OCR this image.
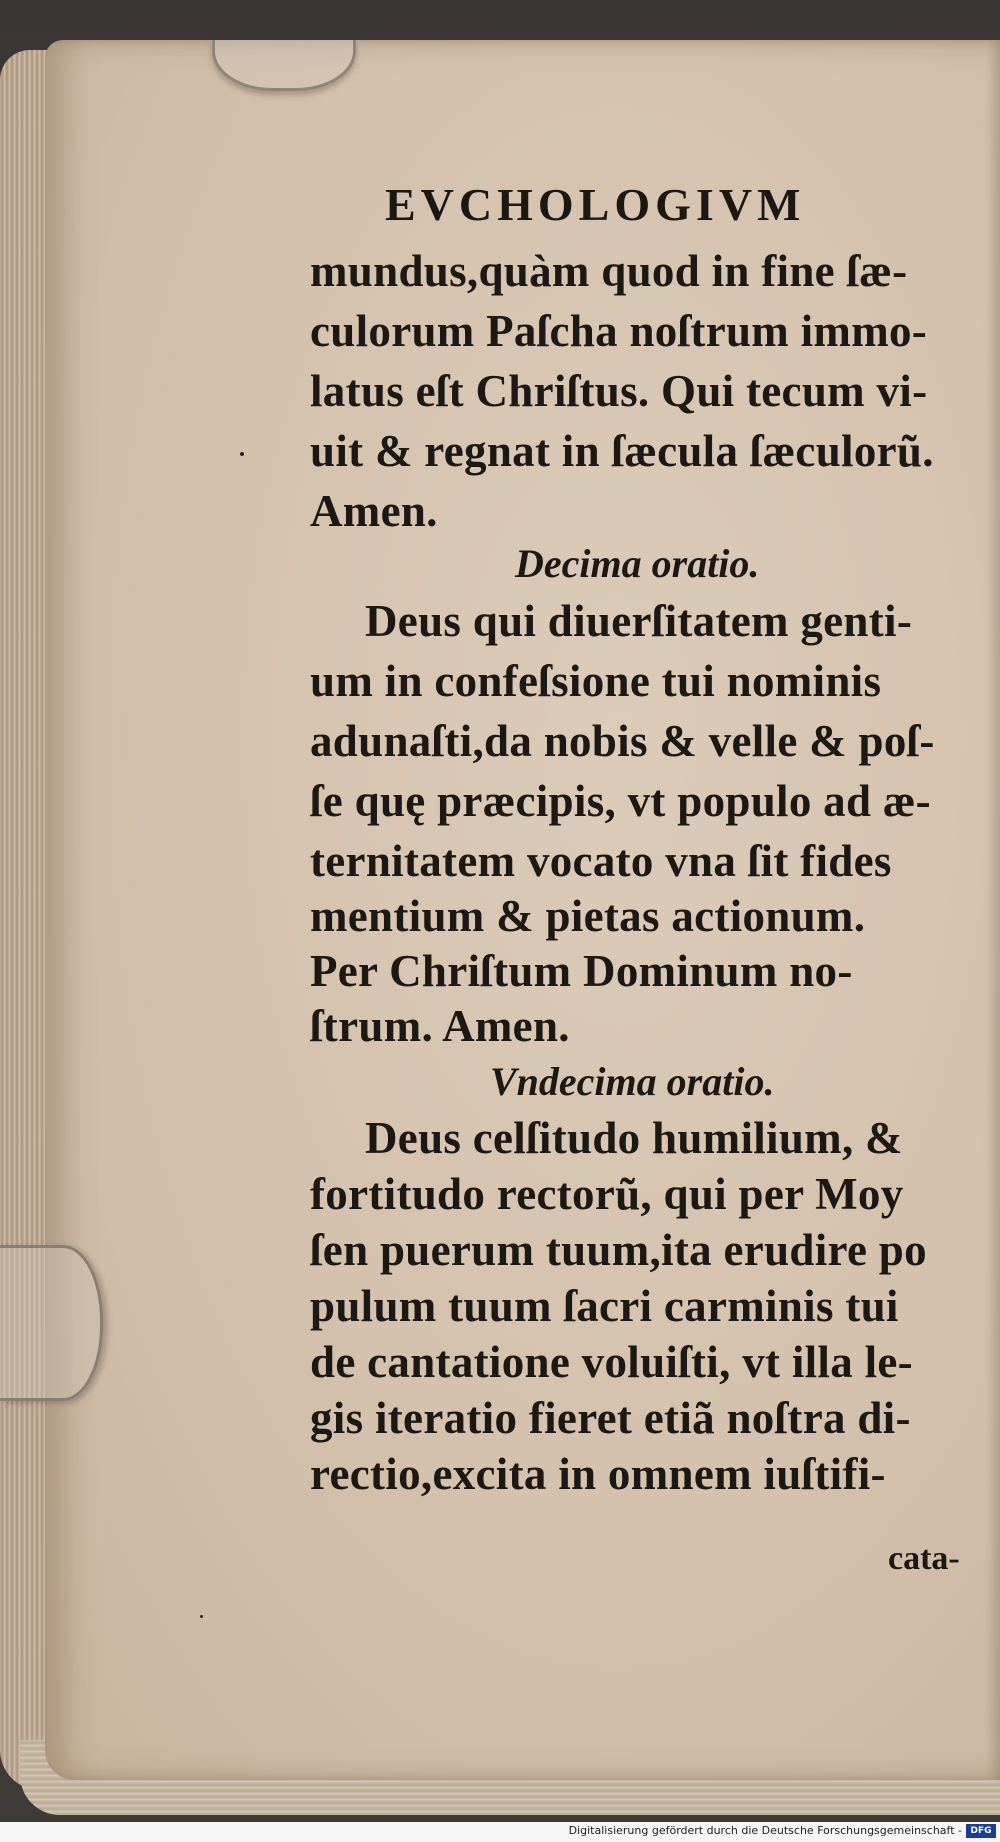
EVCHOLOGIVM
mundus,quàm quod in fine ſæ-
culorum Paſcha noſtrum immo-
latus eſt Chriſtus. Qui tecum vi-
uit & regnat in ſæcula ſæculorũ.
Amen.
Decima oratio.
Deus qui diuerſitatem genti-
um in confeſsione tui nominis
adunaſti,da nobis & velle & poſ-
ſe quę præcipis, vt populo ad æ-
ternitatem vocato vna ſit fides
mentium & pietas actionum.
Per Chriſtum Dominum no-
ſtrum. Amen.
Vndecima oratio.
Deus celſitudo humilium, &
fortitudo rectorũ, qui per Moy
ſen puerum tuum,ita erudire po
pulum tuum ſacri carminis tui
de cantatione voluiſti, vt illa le-
gis iteratio fieret etiã noſtra di-
rectio,excita in omnem iuſtifi-
cata-
Digitalisierung gefördert durch die Deutsche Forschungsgemeinschaft - DFG
